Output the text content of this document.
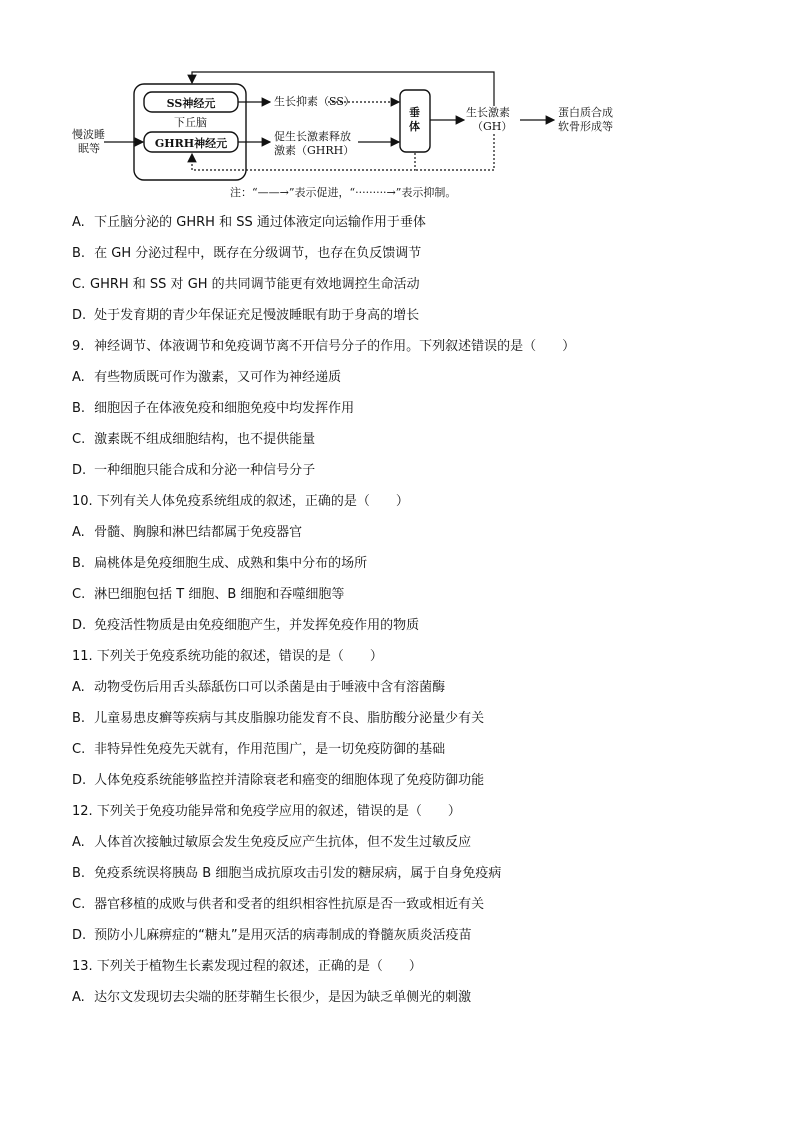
慢波睡
眠等
SS神经元
下丘脑
GHRH神经元
生长抑素（SS）
促生长激素释放
激素（GHRH）
垂
体
生长激素
（GH）
蛋白质合成
软骨形成等
注：“——→”表示促进，“·········→”表示抑制。
A. 下丘脑分泌的 GHRH 和 SS 通过体液定向运输作用于垂体
B. 在 GH 分泌过程中，既存在分级调节，也存在负反馈调节
C. GHRH 和 SS 对 GH 的共同调节能更有效地调控生命活动
D. 处于发育期的青少年保证充足慢波睡眠有助于身高的增长
9. 神经调节、体液调节和免疫调节离不开信号分子的作用。下列叙述错误的是（　　）
A. 有些物质既可作为激素，又可作为神经递质
B. 细胞因子在体液免疫和细胞免疫中均发挥作用
C. 激素既不组成细胞结构，也不提供能量
D. 一种细胞只能合成和分泌一种信号分子
10. 下列有关人体免疫系统组成的叙述，正确的是（　　）
A. 骨髓、胸腺和淋巴结都属于免疫器官
B. 扁桃体是免疫细胞生成、成熟和集中分布的场所
C. 淋巴细胞包括 T 细胞、B 细胞和吞噬细胞等
D. 免疫活性物质是由免疫细胞产生，并发挥免疫作用的物质
11. 下列关于免疫系统功能的叙述，错误的是（　　）
A. 动物受伤后用舌头舔舐伤口可以杀菌是由于唾液中含有溶菌酶
B. 儿童易患皮癣等疾病与其皮脂腺功能发育不良、脂肪酸分泌量少有关
C. 非特异性免疫先天就有，作用范围广，是一切免疫防御的基础
D. 人体免疫系统能够监控并清除衰老和癌变的细胞体现了免疫防御功能
12. 下列关于免疫功能异常和免疫学应用的叙述，错误的是（　　）
A. 人体首次接触过敏原会发生免疫反应产生抗体，但不发生过敏反应
B. 免疫系统误将胰岛 B 细胞当成抗原攻击引发的糖尿病，属于自身免疫病
C. 器官移植的成败与供者和受者的组织相容性抗原是否一致或相近有关
D. 预防小儿麻痹症的“糖丸”是用灭活的病毒制成的脊髓灰质炎活疫苗
13. 下列关于植物生长素发现过程的叙述，正确的是（　　）
A. 达尔文发现切去尖端的胚芽鞘生长很少，是因为缺乏单侧光的刺激
